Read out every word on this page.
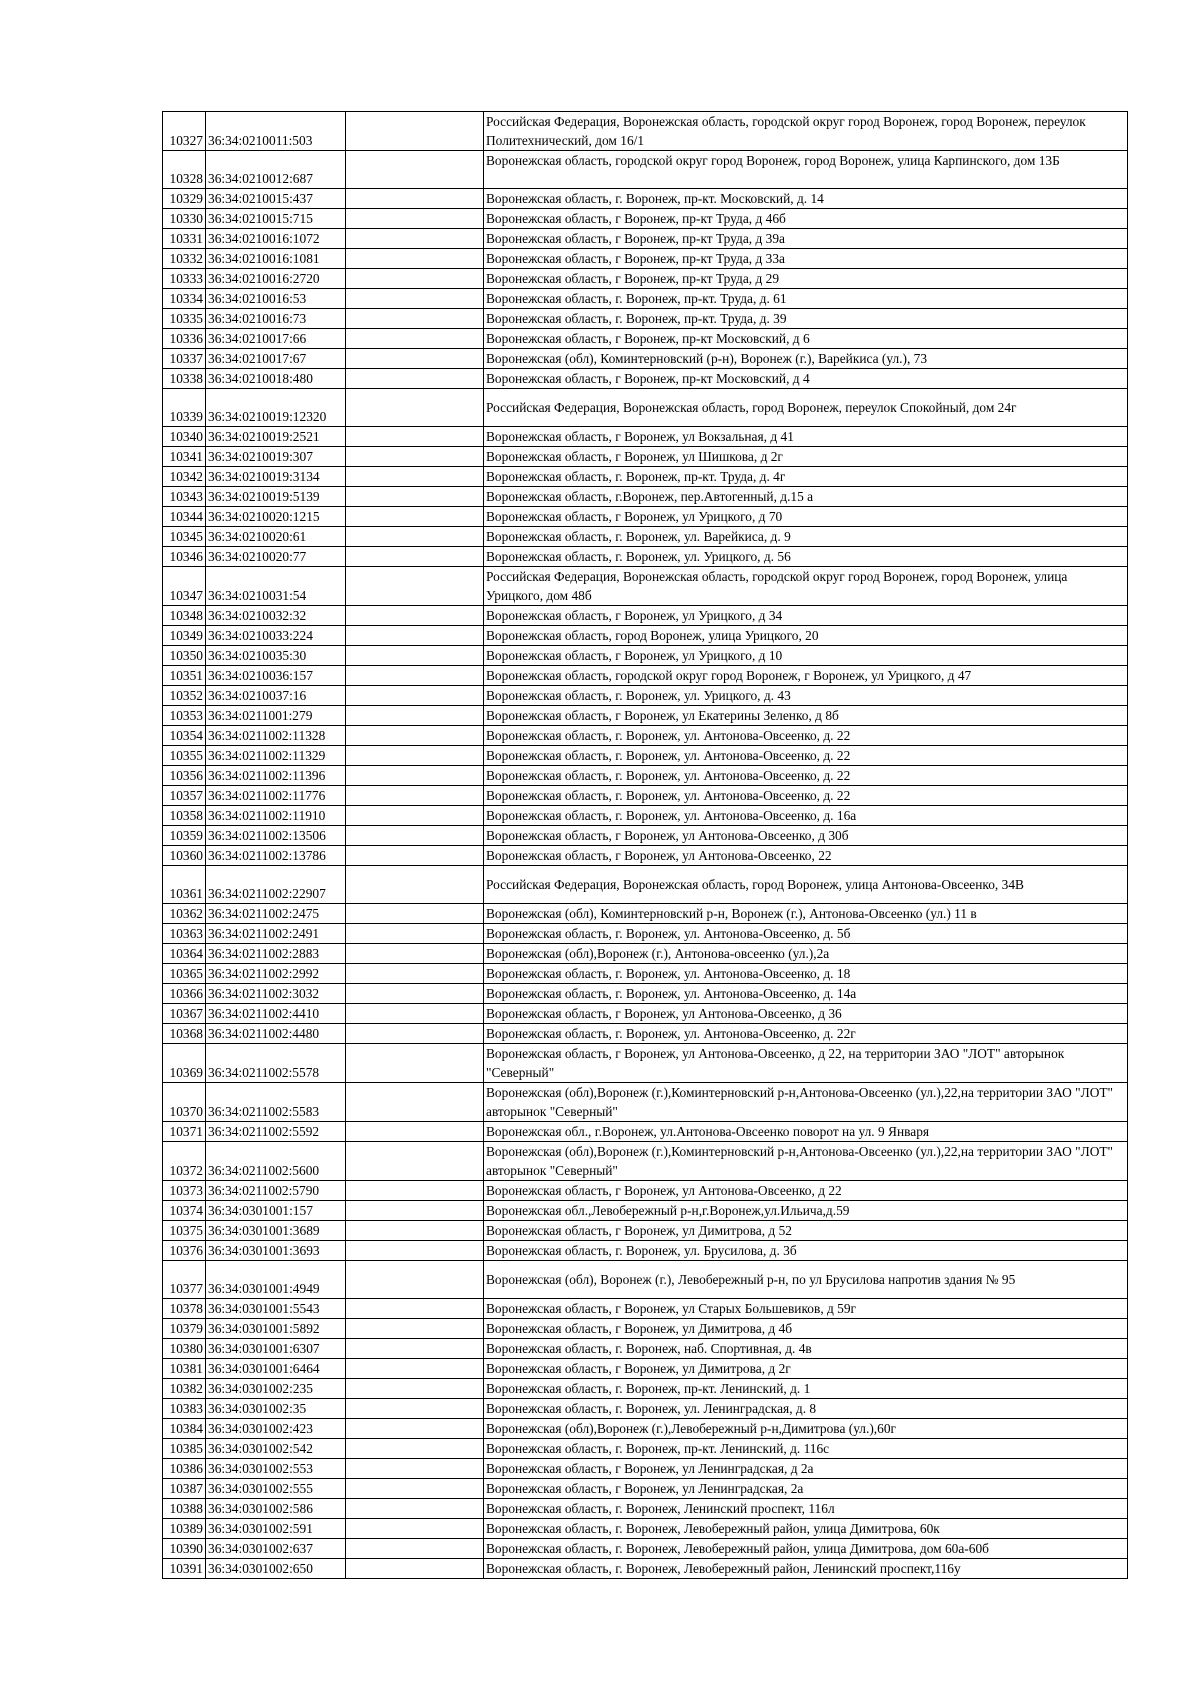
10327	36:34:0210011:503		Российская Федерация, Воронежская область, городской округ город Воронеж, город Воронеж, переулок Политехнический, дом 16/1
10328	36:34:0210012:687		Воронежская область, городской округ город Воронеж, город Воронеж, улица Карпинского, дом 13Б
10329	36:34:0210015:437		Воронежская область, г. Воронеж, пр-кт. Московский, д. 14
10330	36:34:0210015:715		Воронежская область, г Воронеж, пр-кт Труда, д 46б
10331	36:34:0210016:1072		Воронежская область, г Воронеж, пр-кт Труда, д 39а
10332	36:34:0210016:1081		Воронежская область, г Воронеж, пр-кт Труда, д 33а
10333	36:34:0210016:2720		Воронежская область, г Воронеж, пр-кт Труда, д 29
10334	36:34:0210016:53		Воронежская область, г. Воронеж, пр-кт. Труда, д. 61
10335	36:34:0210016:73		Воронежская область, г. Воронеж, пр-кт. Труда, д. 39
10336	36:34:0210017:66		Воронежская область, г Воронеж, пр-кт Московский, д 6
10337	36:34:0210017:67		Воронежская (обл), Коминтерновский (р-н), Воронеж (г.), Варейкиса (ул.), 73
10338	36:34:0210018:480		Воронежская область, г Воронеж, пр-кт Московский, д 4
10339	36:34:0210019:12320		Российская Федерация, Воронежская область, город Воронеж, переулок Спокойный, дом 24г
10340	36:34:0210019:2521		Воронежская область, г Воронеж, ул Вокзальная, д 41
10341	36:34:0210019:307		Воронежская область, г Воронеж, ул Шишкова, д 2г
10342	36:34:0210019:3134		Воронежская область, г. Воронеж, пр-кт. Труда, д. 4г
10343	36:34:0210019:5139		Воронежская область, г.Воронеж, пер.Автогенный, д.15 а
10344	36:34:0210020:1215		Воронежская область, г Воронеж, ул Урицкого, д 70
10345	36:34:0210020:61		Воронежская область, г. Воронеж, ул. Варейкиса, д. 9
10346	36:34:0210020:77		Воронежская область, г. Воронеж, ул. Урицкого, д. 56
10347	36:34:0210031:54		Российская Федерация, Воронежская область, городской округ город Воронеж, город Воронеж, улица Урицкого, дом 48б
10348	36:34:0210032:32		Воронежская область, г Воронеж, ул Урицкого, д 34
10349	36:34:0210033:224		Воронежская область, город Воронеж, улица Урицкого, 20
10350	36:34:0210035:30		Воронежская область, г Воронеж, ул Урицкого, д 10
10351	36:34:0210036:157		Воронежская область, городской округ город Воронеж, г Воронеж, ул Урицкого, д 47
10352	36:34:0210037:16		Воронежская область, г. Воронеж, ул. Урицкого, д. 43
10353	36:34:0211001:279		Воронежская область, г Воронеж, ул Екатерины Зеленко, д 8б
10354	36:34:0211002:11328		Воронежская область, г. Воронеж, ул. Антонова-Овсеенко, д. 22
10355	36:34:0211002:11329		Воронежская область, г. Воронеж, ул. Антонова-Овсеенко, д. 22
10356	36:34:0211002:11396		Воронежская область, г. Воронеж, ул. Антонова-Овсеенко, д. 22
10357	36:34:0211002:11776		Воронежская область, г. Воронеж, ул. Антонова-Овсеенко, д. 22
10358	36:34:0211002:11910		Воронежская область, г. Воронеж, ул. Антонова-Овсеенко, д. 16а
10359	36:34:0211002:13506		Воронежская область, г Воронеж, ул Антонова-Овсеенко, д 30б
10360	36:34:0211002:13786		Воронежская область, г Воронеж, ул Антонова-Овсеенко, 22
10361	36:34:0211002:22907		Российская Федерация, Воронежская область, город Воронеж, улица Антонова-Овсеенко, 34В
10362	36:34:0211002:2475		Воронежская (обл), Коминтерновский р-н, Воронеж (г.), Антонова-Овсеенко (ул.) 11 в
10363	36:34:0211002:2491		Воронежская область, г. Воронеж, ул. Антонова-Овсеенко, д. 5б
10364	36:34:0211002:2883		Воронежская (обл),Воронеж (г.), Антонова-овсеенко (ул.),2а
10365	36:34:0211002:2992		Воронежская область, г. Воронеж, ул. Антонова-Овсеенко, д. 18
10366	36:34:0211002:3032		Воронежская область, г. Воронеж, ул. Антонова-Овсеенко, д. 14а
10367	36:34:0211002:4410		Воронежская область, г Воронеж, ул Антонова-Овсеенко, д 36
10368	36:34:0211002:4480		Воронежская область, г. Воронеж, ул. Антонова-Овсеенко, д. 22г
10369	36:34:0211002:5578		Воронежская область, г Воронеж, ул Антонова-Овсеенко, д 22, на территории ЗАО "ЛОТ" авторынок "Северный"
10370	36:34:0211002:5583		Воронежская (обл),Воронеж (г.),Коминтерновский р-н,Антонова-Овсеенко (ул.),22,на территории ЗАО "ЛОТ" авторынок "Северный"
10371	36:34:0211002:5592		Воронежская обл., г.Воронеж, ул.Антонова-Овсеенко поворот на ул. 9 Января
10372	36:34:0211002:5600		Воронежская (обл),Воронеж (г.),Коминтерновский р-н,Антонова-Овсеенко (ул.),22,на территории ЗАО "ЛОТ" авторынок "Северный"
10373	36:34:0211002:5790		Воронежская область, г Воронеж, ул Антонова-Овсеенко, д 22
10374	36:34:0301001:157		Воронежская обл.,Левобережный р-н,г.Воронеж,ул.Ильича,д.59
10375	36:34:0301001:3689		Воронежская область, г Воронеж, ул Димитрова, д 52
10376	36:34:0301001:3693		Воронежская область, г. Воронеж, ул. Брусилова, д. 3б
10377	36:34:0301001:4949		Воронежская (обл), Воронеж (г.), Левобережный р-н, по ул Брусилова напротив здания № 95
10378	36:34:0301001:5543		Воронежская область, г Воронеж, ул Старых Большевиков, д 59г
10379	36:34:0301001:5892		Воронежская область, г Воронеж, ул Димитрова, д 4б
10380	36:34:0301001:6307		Воронежская область, г. Воронеж, наб. Спортивная, д. 4в
10381	36:34:0301001:6464		Воронежская область, г Воронеж, ул Димитрова, д 2г
10382	36:34:0301002:235		Воронежская область, г. Воронеж, пр-кт. Ленинский, д. 1
10383	36:34:0301002:35		Воронежская область, г. Воронеж, ул. Ленинградская, д. 8
10384	36:34:0301002:423		Воронежская (обл),Воронеж (г.),Левобережный р-н,Димитрова (ул.),60г
10385	36:34:0301002:542		Воронежская область, г. Воронеж, пр-кт. Ленинский, д. 116с
10386	36:34:0301002:553		Воронежская область, г Воронеж, ул Ленинградская, д 2а
10387	36:34:0301002:555		Воронежская область, г Воронеж, ул Ленинградская, 2а
10388	36:34:0301002:586		Воронежская область, г. Воронеж, Ленинский проспект, 116л
10389	36:34:0301002:591		Воронежская область, г. Воронеж, Левобережный район, улица Димитрова, 60к
10390	36:34:0301002:637		Воронежская область, г. Воронеж, Левобережный район, улица Димитрова, дом 60а-60б
10391	36:34:0301002:650		Воронежская область, г. Воронеж, Левобережный район, Ленинский проспект,116у
